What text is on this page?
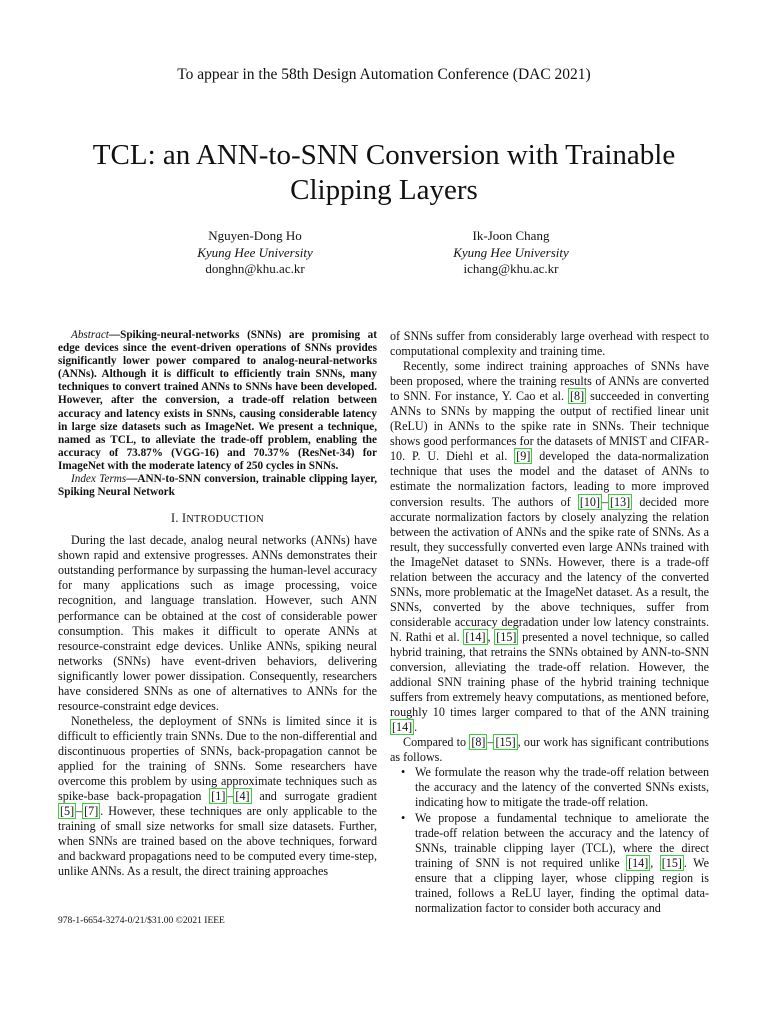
To appear in the 58th Design Automation Conference (DAC 2021)
TCL: an ANN-to-SNN Conversion with Trainable Clipping Layers
Nguyen-Dong Ho
Kyung Hee University
donghn@khu.ac.kr
Ik-Joon Chang
Kyung Hee University
ichang@khu.ac.kr

Abstract—Spiking-neural-networks (SNNs) are promising at edge devices since the event-driven operations of SNNs provides significantly lower power compared to analog-neural-networks (ANNs). Although it is difficult to efficiently train SNNs, many techniques to convert trained ANNs to SNNs have been developed. However, after the conversion, a trade-off relation between accuracy and latency exists in SNNs, causing considerable latency in large size datasets such as ImageNet. We present a technique, named as TCL, to alleviate the trade-off problem, enabling the accuracy of 73.87% (VGG-16) and 70.37% (ResNet-34) for ImageNet with the moderate latency of 250 cycles in SNNs.

Index Terms—ANN-to-SNN conversion, trainable clipping layer, Spiking Neural Network

I. INTRODUCTION

During the last decade, analog neural networks (ANNs) have shown rapid and extensive progresses. ANNs demonstrates their outstanding performance by surpassing the human-level accuracy for many applications such as image processing, voice recognition, and language translation. However, such ANN performance can be obtained at the cost of considerable power consumption. This makes it difficult to operate ANNs at resource-constraint edge devices. Unlike ANNs, spiking neural networks (SNNs) have event-driven behaviors, delivering significantly lower power dissipation. Consequently, researchers have considered SNNs as one of alternatives to ANNs for the resource-constraint edge devices.

Nonetheless, the deployment of SNNs is limited since it is difficult to efficiently train SNNs. Due to the non-differential and discontinuous properties of SNNs, back-propagation cannot be applied for the training of SNNs. Some researchers have overcome this problem by using approximate techniques such as spike-base back-propagation [1] – [4] and surrogate gradient [5] – [7] . However, these techniques are only applicable to the training of small size networks for small size datasets. Further, when SNNs are trained based on the above techniques, forward and backward propagations need to be computed every time-step, unlike ANNs. As a result, the direct training approaches

of SNNs suffer from considerably large overhead with respect to computational complexity and training time.

Recently, some indirect training approaches of SNNs have been proposed, where the training results of ANNs are converted to SNN. For instance, Y. Cao et al. [8] succeeded in converting ANNs to SNNs by mapping the output of rectified linear unit (ReLU) in ANNs to the spike rate in SNNs. Their technique shows good performances for the datasets of MNIST and CIFAR-10. P. U. Diehl et al. [9] developed the data-normalization technique that uses the model and the dataset of ANNs to estimate the normalization factors, leading to more improved conversion results. The authors of [10] – [13] decided more accurate normalization factors by closely analyzing the relation between the activation of ANNs and the spike rate of SNNs. As a result, they successfully converted even large ANNs trained with the ImageNet dataset to SNNs. However, there is a trade-off relation between the accuracy and the latency of the converted SNNs, more problematic at the ImageNet dataset. As a result, the SNNs, converted by the above techniques, suffer from considerable accuracy degradation under low latency constraints. N. Rathi et al. [14] , [15] presented a novel technique, so called hybrid training, that retrains the SNNs obtained by ANN-to-SNN conversion, alleviating the trade-off relation. However, the addional SNN training phase of the hybrid training technique suffers from extremely heavy computations, as mentioned before, roughly 10 times larger compared to that of the ANN training [14] .

Compared to [8] – [15] , our work has significant contributions as follows.

• We formulate the reason why the trade-off relation between the accuracy and the latency of the converted SNNs exists, indicating how to mitigate the trade-off relation.
• We propose a fundamental technique to ameliorate the trade-off relation between the accuracy and the latency of SNNs, trainable clipping layer (TCL), where the direct training of SNN is not required unlike [14] , [15] . We ensure that a clipping layer, whose clipping region is trained, follows a ReLU layer, finding the optimal data-normalization factor to consider both accuracy and
978-1-6654-3274-0/21/$31.00 ©2021 IEEE
